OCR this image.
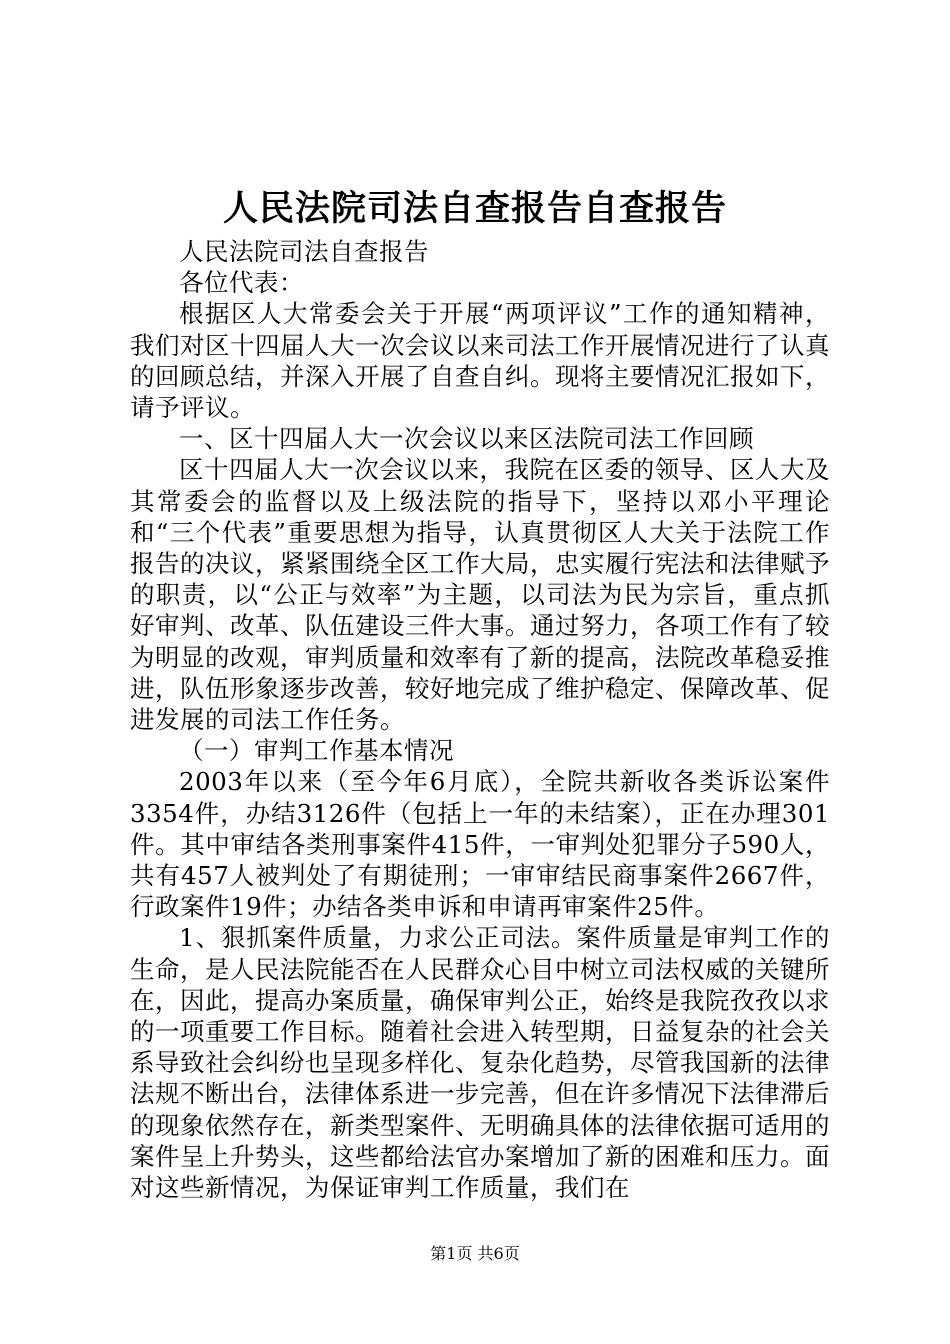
人民法院司法自查报告自查报告

人民法院司法自查报告

各位代表：

根据区人大常委会关于开展“两项评议”工作的通知精神，我们对区十四届人大一次会议以来司法工作开展情况进行了认真的回顾总结，并深入开展了自查自纠。现将主要情况汇报如下，请予评议。

一、区十四届人大一次会议以来区法院司法工作回顾

区十四届人大一次会议以来，我院在区委的领导、区人大及其常委会的监督以及上级法院的指导下，坚持以邓小平理论和“三个代表”重要思想为指导，认真贯彻区人大关于法院工作报告的决议，紧紧围绕全区工作大局，忠实履行宪法和法律赋予的职责，以“公正与效率”为主题，以司法为民为宗旨，重点抓好审判、改革、队伍建设三件大事。通过努力，各项工作有了较为明显的改观，审判质量和效率有了新的提高，法院改革稳妥推进，队伍形象逐步改善，较好地完成了维护稳定、保障改革、促进发展的司法工作任务。

（一）审判工作基本情况

2003年以来（至今年6月底），全院共新收各类诉讼案件3354件，办结3126件（包括上一年的未结案），正在办理301件。其中审结各类刑事案件415件，一审判处犯罪分子590人，共有457人被判处了有期徒刑；一审审结民商事案件2667件，行政案件19件；办结各类申诉和申请再审案件25件。

1、狠抓案件质量，力求公正司法。案件质量是审判工作的生命，是人民法院能否在人民群众心目中树立司法权威的关键所在，因此，提高办案质量，确保审判公正，始终是我院孜孜以求的一项重要工作目标。随着社会进入转型期，日益复杂的社会关系导致社会纠纷也呈现多样化、复杂化趋势，尽管我国新的法律法规不断出台，法律体系进一步完善，但在许多情况下法律滞后的现象依然存在，新类型案件、无明确具体的法律依据可适用的案件呈上升势头，这些都给法官办案增加了新的困难和压力。面对这些新情况，为保证审判工作质量，我们在

第1页 共6页
